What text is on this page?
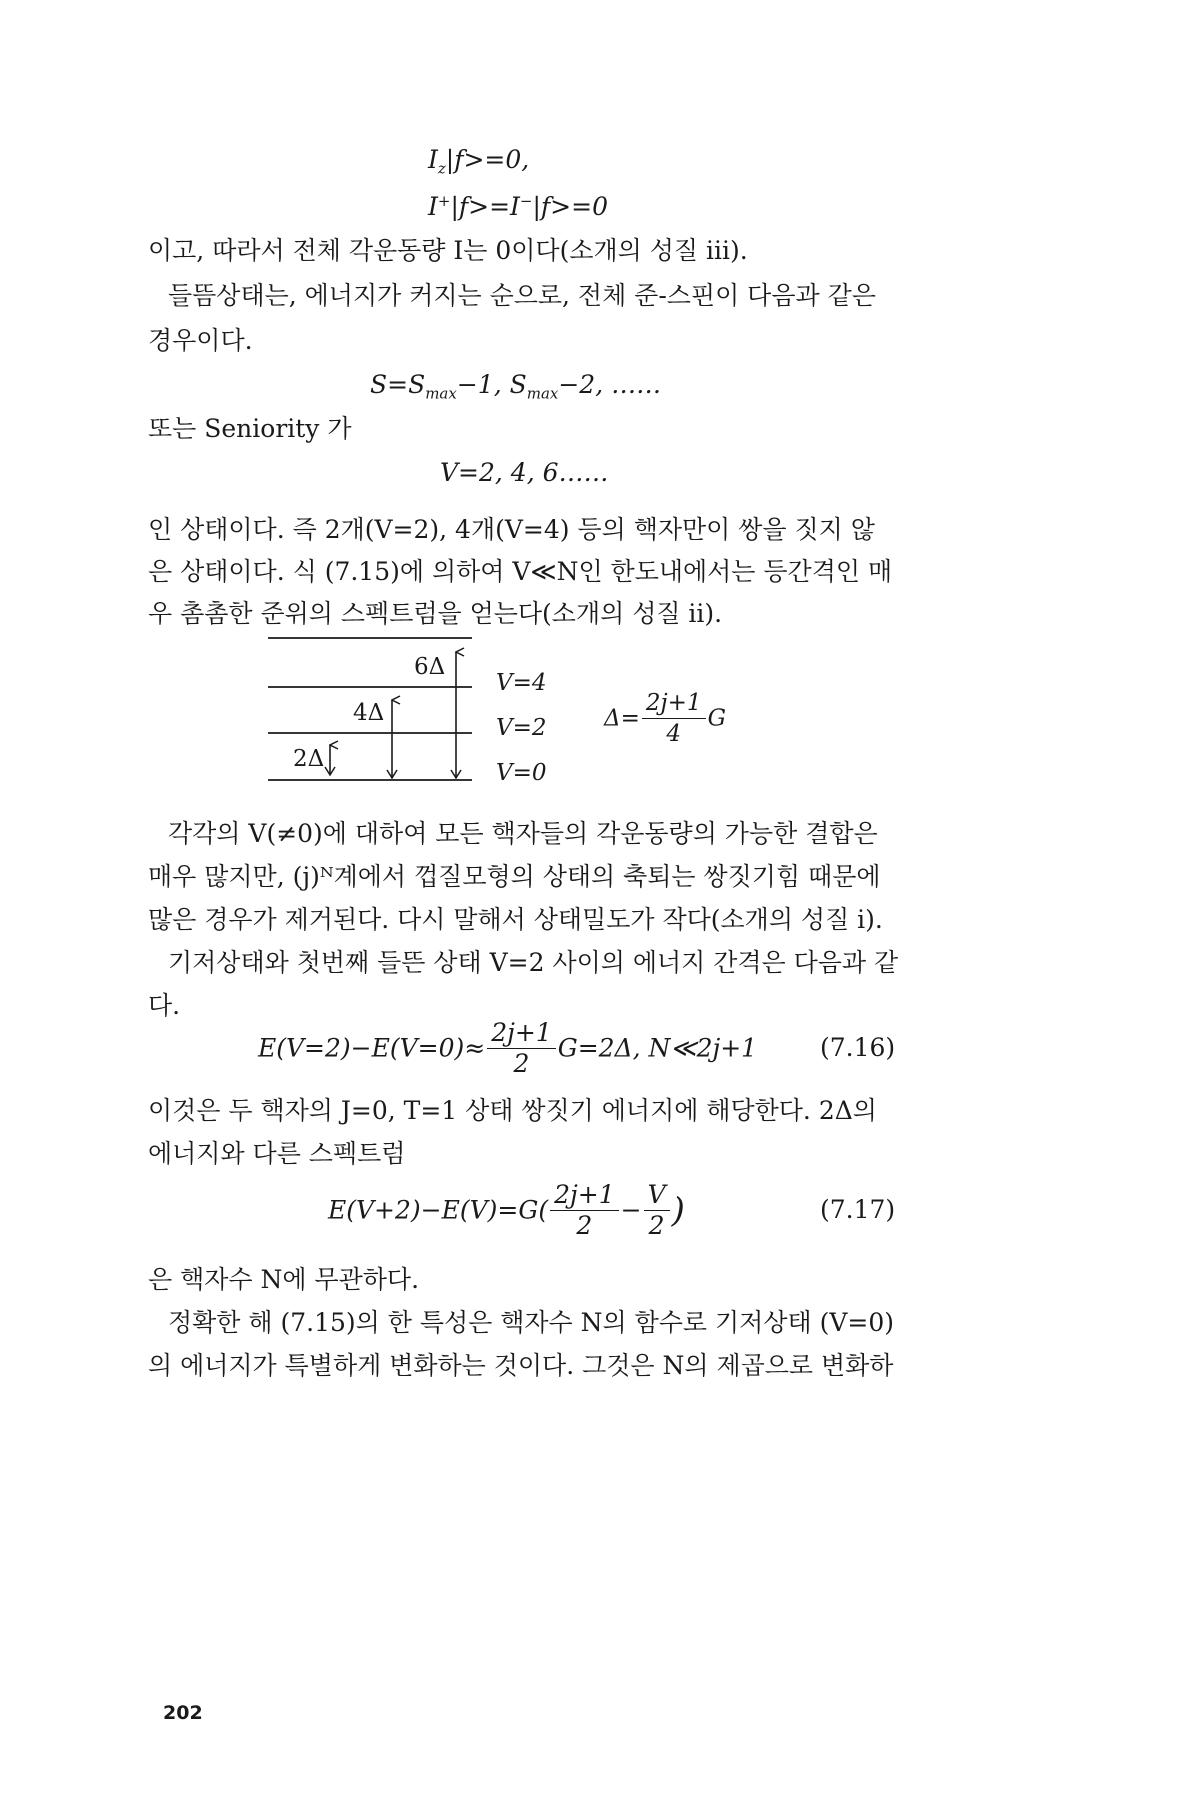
$I_z|f>=0$,
I+|f>=I−|f>=0
이고, 따라서 전체 각운동량 I는 0이다(소개의 성질 iii).
들뜸상태는, 에너지가 커지는 순으로, 전체 준-스핀이 다음과 같은
경우이다.
$S=S_{max}-1$, $S_{max}-2$, ……
또는 Seniority 가
V=2, 4, 6……
인 상태이다. 즉 2개(V=2), 4개(V=4) 등의 핵자만이 쌍을 짓지 않
은 상태이다. 식 (7.15)에 의하여 V≪N인 한도내에서는 등간격인 매
우 촘촘한 준위의 스펙트럼을 얻는다(소개의 성질 ii).
6Δ
4Δ
2Δ
V=4
V=2
V=0
$\Delta= \frac{2j+1}{4}$ G
각각의 V(≠0)에 대하여 모든 핵자들의 각운동량의 가능한 결합은
매우 많지만, (j)ᴺ계에서 껍질모형의 상태의 축퇴는 쌍짓기힘 때문에
많은 경우가 제거된다. 다시 말해서 상태밀도가 작다(소개의 성질 i).
기저상태와 첫번째 들뜬 상태 V=2 사이의 에너지 간격은 다음과 같
다.
$E(V=2)-E(V=0)\approx \frac{2j+1}{2} G=2\Delta$, N≪2j+1	(7.16)
이것은 두 핵자의 J=0, T=1 상태 쌍짓기 에너지에 해당한다. 2Δ의
에너지와 다른 스펙트럼
$E(V+2)-E(V)=G( \frac{2j+1}{2} - \frac{V}{2}$ )	(7.17)
은 핵자수 N에 무관하다.
정확한 해 (7.15)의 한 특성은 핵자수 N의 함수로 기저상태 (V=0)
의 에너지가 특별하게 변화하는 것이다. 그것은 N의 제곱으로 변화하
202
